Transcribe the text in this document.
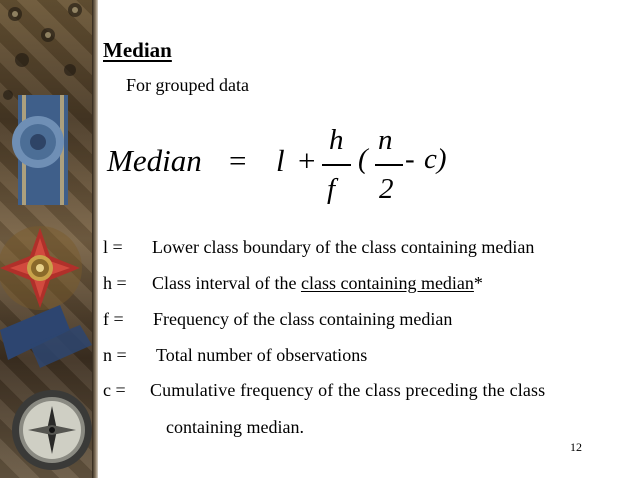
Median
For grouped data
Median = l +
h
f
(
n
2
- c)
l = Lower class boundary of the class containing median
h = Class interval of the class containing median*
f = Frequency of the class containing median
n = Total number of observations
c = Cumulative frequency of the class preceding the class
containing median.
12
